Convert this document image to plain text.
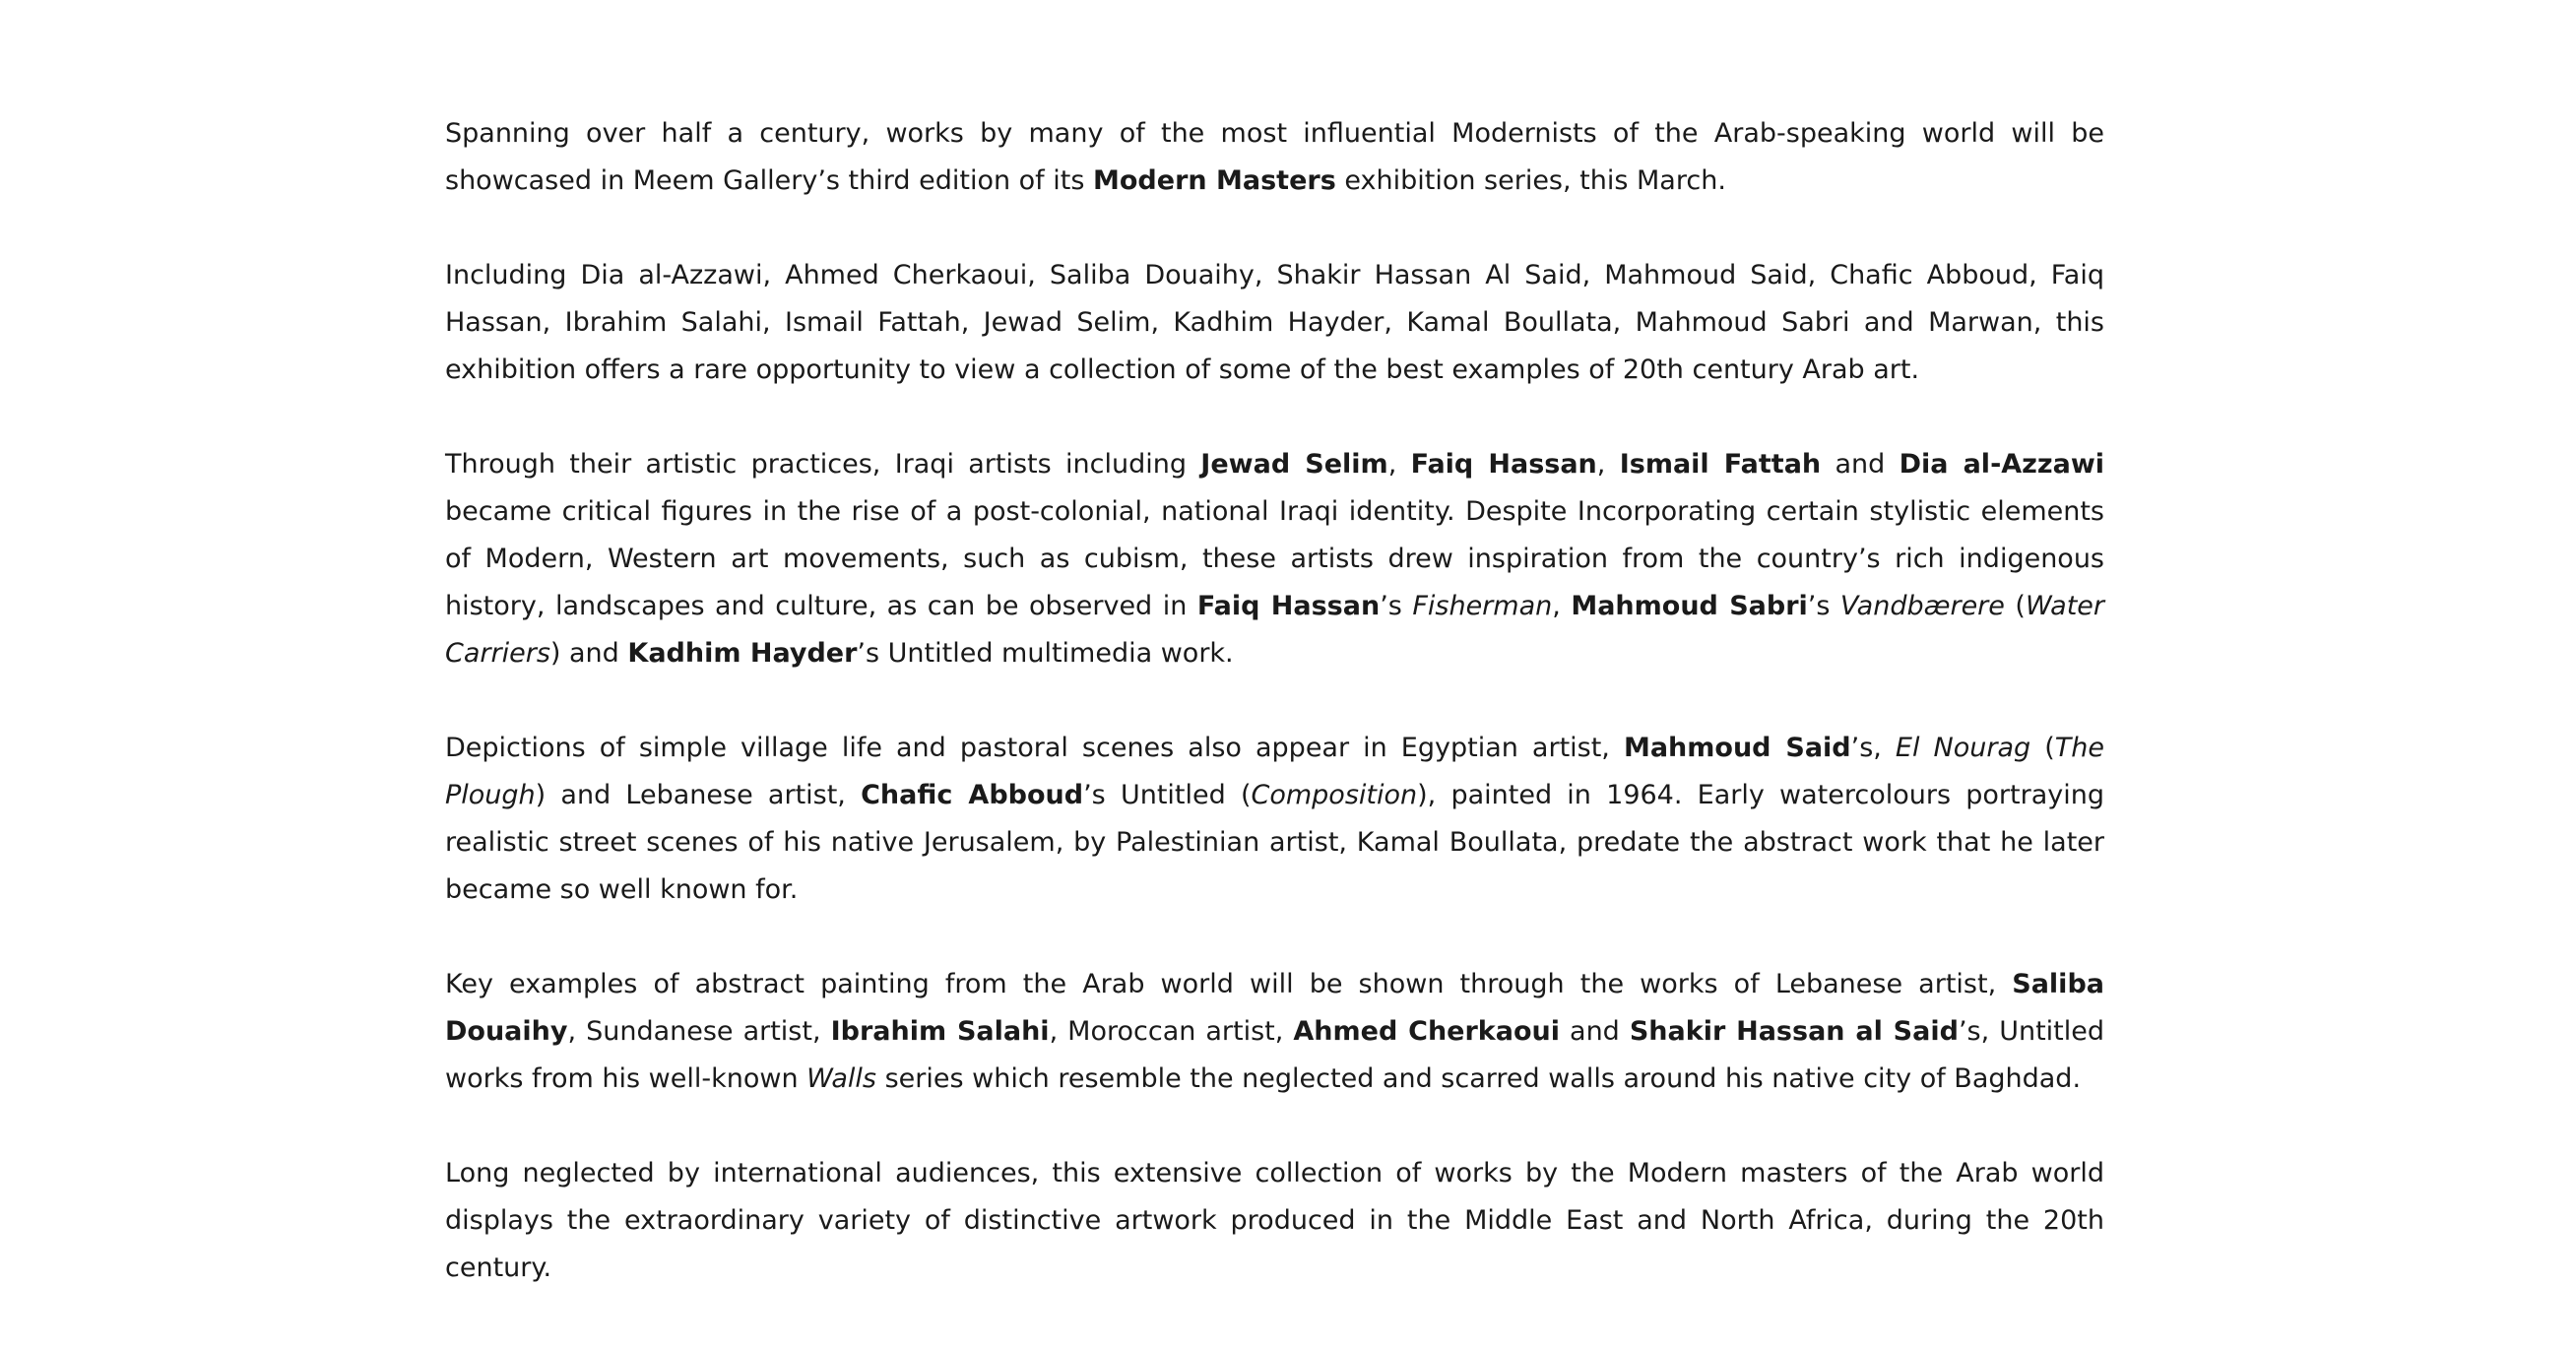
Spanning over half a century, works by many of the most influential Modernists of the Arab-speaking world will be showcased in Meem Gallery’s third edition of its Modern Masters exhibition series, this March.

Including Dia al-Azzawi, Ahmed Cherkaoui, Saliba Douaihy, Shakir Hassan Al Said, Mahmoud Said, Chafic Abboud, Faiq Hassan, Ibrahim Salahi, Ismail Fattah, Jewad Selim, Kadhim Hayder, Kamal Boullata, Mahmoud Sabri and Marwan, this exhibition offers a rare opportunity to view a collection of some of the best examples of 20th century Arab art.

Through their artistic practices, Iraqi artists including Jewad Selim, Faiq Hassan, Ismail Fattah and Dia al-Azzawi became critical figures in the rise of a post-colonial, national Iraqi identity. Despite Incorporating certain stylistic elements of Modern, Western art movements, such as cubism, these artists drew inspiration from the country’s rich indigenous history, landscapes and culture, as can be observed in Faiq Hassan’s Fisherman, Mahmoud Sabri’s Vandbærere (Water Carriers) and Kadhim Hayder’s Untitled multimedia work.

Depictions of simple village life and pastoral scenes also appear in Egyptian artist, Mahmoud Said’s, El Nourag (The Plough) and Lebanese artist, Chafic Abboud’s Untitled (Composition), painted in 1964. Early watercolours portraying realistic street scenes of his native Jerusalem, by Palestinian artist, Kamal Boullata, predate the abstract work that he later became so well known for.

Key examples of abstract painting from the Arab world will be shown through the works of Lebanese artist, Saliba Douaihy, Sundanese artist, Ibrahim Salahi, Moroccan artist, Ahmed Cherkaoui and Shakir Hassan al Said’s, Untitled works from his well-known Walls series which resemble the neglected and scarred walls around his native city of Baghdad.

Long neglected by international audiences, this extensive collection of works by the Modern masters of the Arab world displays the extraordinary variety of distinctive artwork produced in the Middle East and North Africa, during the 20th century.
